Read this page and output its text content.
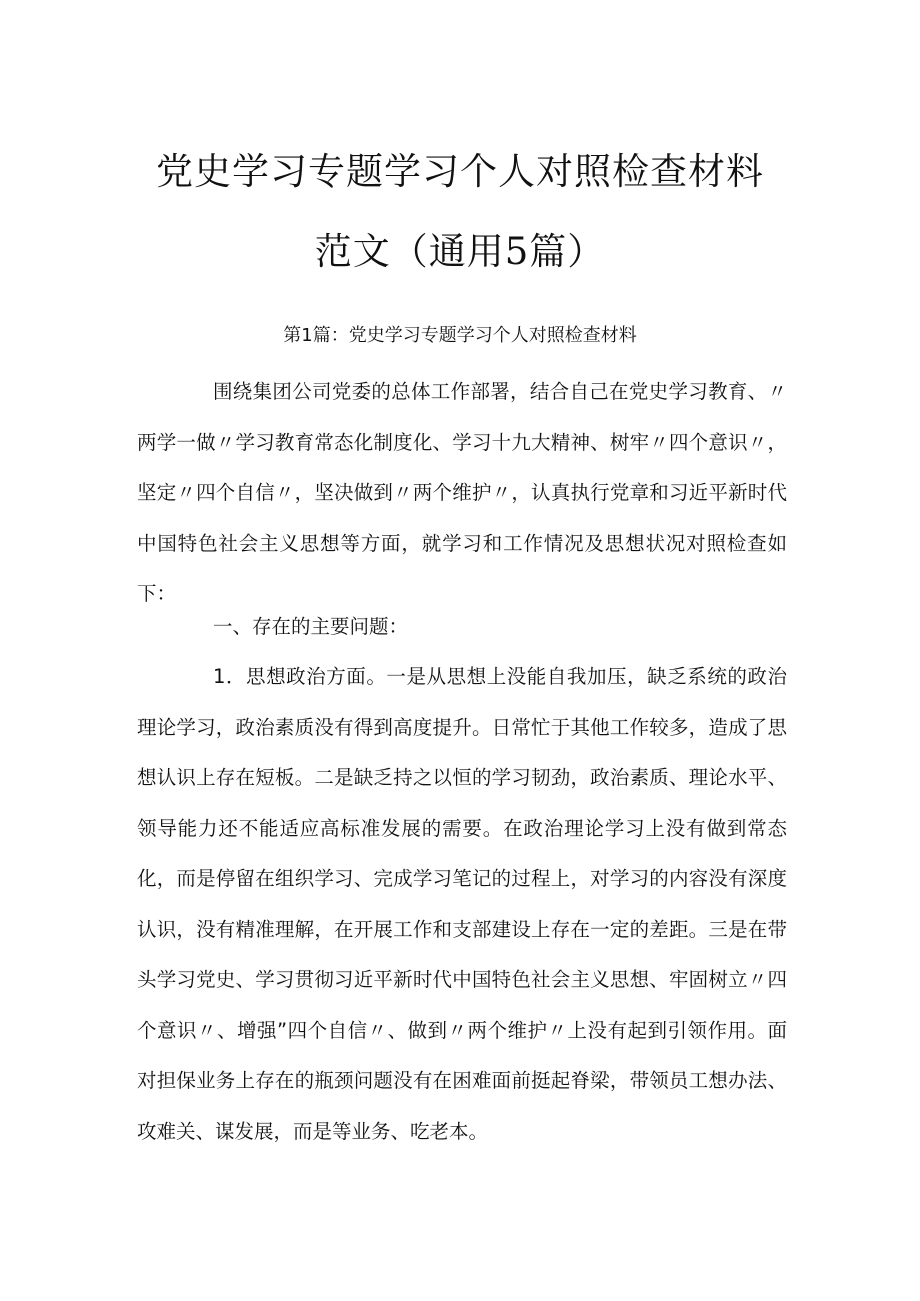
党史学习专题学习个人对照检查材料
范文（通用5篇）

第1篇：党史学习专题学习个人对照检查材料

围绕集团公司党委的总体工作部署，结合自己在党史学习教育、〃两学一做〃学习教育常态化制度化、学习十九大精神、树牢〃四个意识〃，坚定〃四个自信〃，坚决做到〃两个维护〃，认真执行党章和习近平新时代中国特色社会主义思想等方面，就学习和工作情况及思想状况对照检查如下：

一、存在的主要问题：

1．思想政治方面。一是从思想上没能自我加压，缺乏系统的政治理论学习，政治素质没有得到高度提升。日常忙于其他工作较多，造成了思想认识上存在短板。二是缺乏持之以恒的学习韧劲，政治素质、理论水平、领导能力还不能适应高标准发展的需要。在政治理论学习上没有做到常态化，而是停留在组织学习、完成学习笔记的过程上，对学习的内容没有深度认识，没有精准理解，在开展工作和支部建设上存在一定的差距。三是在带头学习党史、学习贯彻习近平新时代中国特色社会主义思想、牢固树立〃四个意识〃、增强”四个自信〃、做到〃两个维护〃上没有起到引领作用。面对担保业务上存在的瓶颈问题没有在困难面前挺起脊梁，带领员工想办法、攻难关、谋发展，而是等业务、吃老本。
